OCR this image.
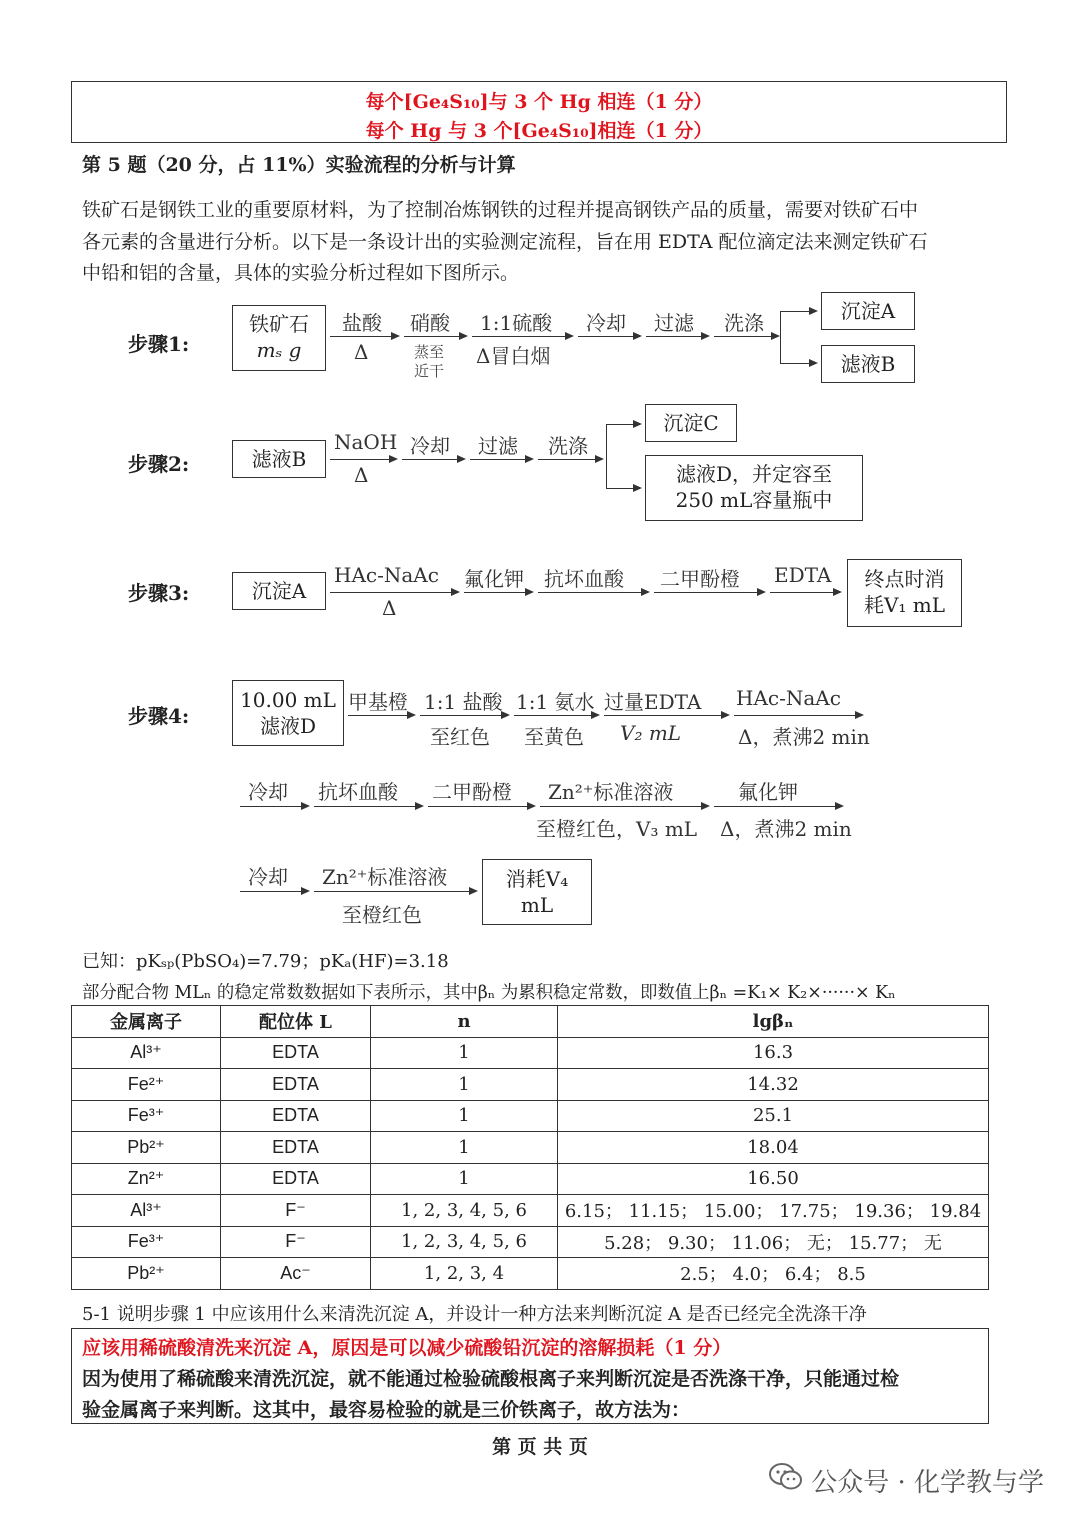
每个[Ge₄S₁₀]与 3 个 Hg 相连（1 分）
每个 Hg 与 3 个[Ge₄S₁₀]相连（1 分）
第 5 题（20 分，占 11%）实验流程的分析与计算
铁矿石是钢铁工业的重要原材料，为了控制冶炼钢铁的过程并提高钢铁产品的质量，需要对铁矿石中
各元素的含量进行分析。以下是一条设计出的实验测定流程，旨在用 EDTA 配位滴定法来测定铁矿石
中铅和铝的含量，具体的实验分析过程如下图所示。
步骤1:
铁矿石
mₛ g
盐酸 硝酸 1:1硫酸 冷却 过滤 洗涤
Δ	蒸至
近干
Δ冒白烟
沉淀A
滤液B
步骤2:	滤液B
NaOH 冷却 过滤 洗涤
Δ
沉淀C
滤液D，并定容至
250 mL容量瓶中
步骤3:	沉淀A
HAc-NaAc 氟化钾 抗坏血酸 二甲酚橙 EDTA
Δ
终点时消
耗V₁ mL
步骤4:
10.00 mL
滤液D
甲基橙 1:1 盐酸 1:1 氨水 过量EDTA HAc-NaAc
至红色 至黄色 V₂ mL	Δ，煮沸2 min
冷却 抗坏血酸 二甲酚橙 Zn²⁺标准溶液	氟化钾
至橙红色，V₃ mL Δ，煮沸2 min
冷却 Zn²⁺标准溶液
至橙红色
消耗V₄
mL
已知：pKₛₚ(PbSO₄)=7.79；pKₐ(HF)=3.18
部分配合物 MLₙ 的稳定常数数据如下表所示，其中βₙ 为累积稳定常数，即数值上βₙ =K₁× K₂×······× Kₙ
金属离子	配位体 L	n	lgβₙ
Al³⁺	EDTA	1	16.3
Fe²⁺	EDTA	1	14.32
Fe³⁺	EDTA	1	25.1
Pb²⁺	EDTA	1	18.04
Zn²⁺	EDTA	1	16.50
Al³⁺	F⁻	1, 2, 3, 4, 5, 6	6.15； 11.15； 15.00； 17.75； 19.36； 19.84
Fe³⁺	F⁻	1, 2, 3, 4, 5, 6	5.28； 9.30； 11.06； 无； 15.77； 无
Pb²⁺	Ac⁻	1, 2, 3, 4	2.5； 4.0； 6.4； 8.5
5-1 说明步骤 1 中应该用什么来清洗沉淀 A，并设计一种方法来判断沉淀 A 是否已经完全洗涤干净
应该用稀硫酸清洗来沉淀 A，原因是可以减少硫酸铅沉淀的溶解损耗（1 分）
因为使用了稀硫酸来清洗沉淀，就不能通过检验硫酸根离子来判断沉淀是否洗涤干净，只能通过检
验金属离子来判断。这其中，最容易检验的就是三价铁离子，故方法为：
第 页 共 页
公众号 · 化学教与学
